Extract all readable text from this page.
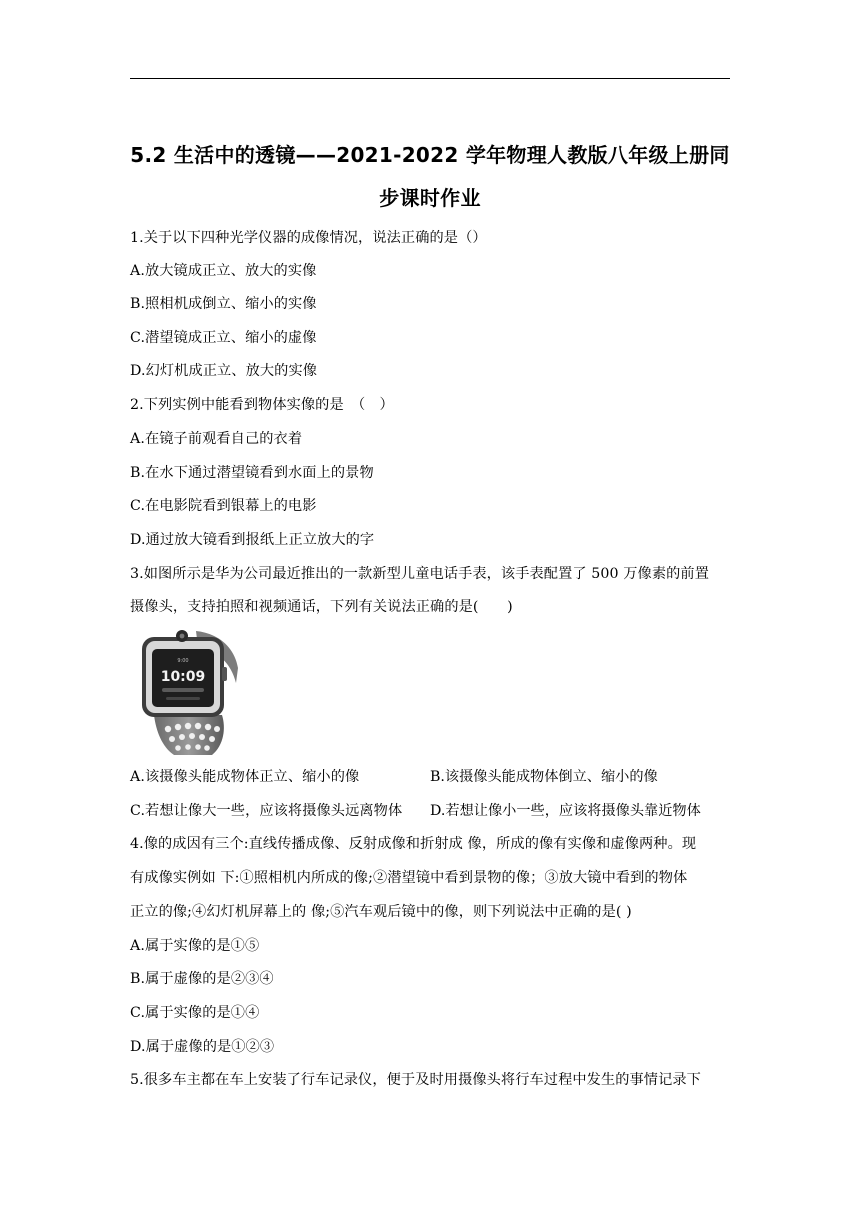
5.2 生活中的透镜——2021-2022 学年物理人教版八年级上册同
步课时作业
1.关于以下四种光学仪器的成像情况，说法正确的是（）
A.放大镜成正立、放大的实像
B.照相机成倒立、缩小的实像
C.潜望镜成正立、缩小的虚像
D.幻灯机成正立、放大的实像
2.下列实例中能看到物体实像的是　（　）
A.在镜子前观看自己的衣着
B.在水下通过潜望镜看到水面上的景物
C.在电影院看到银幕上的电影
D.通过放大镜看到报纸上正立放大的字
3.如图所示是华为公司最近推出的一款新型儿童电话手表，该手表配置了 500 万像素的前置
摄像头，支持拍照和视频通话，下列有关说法正确的是(　　)
9:00
10:09
A.该摄像头能成物体正立、缩小的像	B.该摄像头能成物体倒立、缩小的像
C.若想让像大一些，应该将摄像头远离物体	D.若想让像小一些，应该将摄像头靠近物体
4.像的成因有三个:直线传播成像、反射成像和折射成 像，所成的像有实像和虚像两种。现
有成像实例如 下:①照相机内所成的像;②潜望镜中看到景物的像；③放大镜中看到的物体
正立的像;④幻灯机屏幕上的 像;⑤汽车观后镜中的像，则下列说法中正确的是( )
A.属于实像的是①⑤
B.属于虚像的是②③④
C.属于实像的是①④
D.属于虚像的是①②③
5.很多车主都在车上安装了行车记录仪，便于及时用摄像头将行车过程中发生的事情记录下
